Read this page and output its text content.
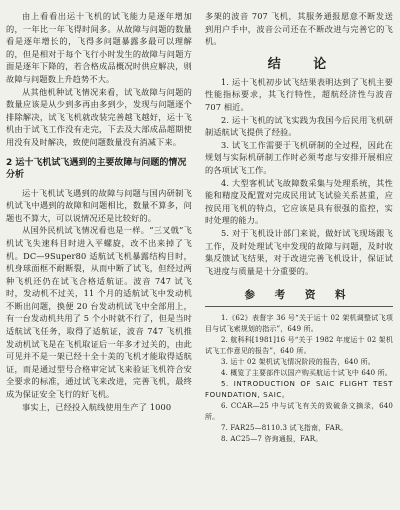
由上看看出运十飞机的试飞能力是逐年增加的，一年比一年飞得时间多。从故障与问题的数量看是逐年增长的，飞得多问题暴露多最可以理解的，但是相对于每个飞行小时发生的故障与问题方面是逐年下降的，若合格成品概况时供应解决，则故障与问题数上升趋势不大。

从其他机种试飞情况来看，试飞故障与问题的数量应该是从少到多再由多到少，发现与问题逐个排除解决，试飞飞机就改装完善越飞越好，运十飞机由于试飞工作没有走完，下去及大部成品超期使用没有及时解决，致使问题数量没有消减下来。

2 运十飞机试飞遇到的主要故障与问题的情况分析

运十飞机试飞遇到的故障与问题与国内研制飞机试飞中遇到的故障和问题相比，数量不算多，问题也不算大，可以说情况还是比较好的。

从国外民机试飞情况看也是一样。“三叉戟”飞机试飞失速科目时进入平螺旋，改不出来掉了飞机。DC—9Super80 适航试飞机暴露结构目时，机身球面框不耐断裂，从而中断了试飞，但经过两种飞机还仍在试飞合格适航证。波音 747 试飞时，发动机不过关，11 个月的适航试飞中发动机不断出问题，换便 20 台发动机试飞中全部用上，有一台发动机共用了 5 个小时就不行了，但是当时适航试飞任务，取得了适航证，波音 747 飞机推发动机试飞是在飞机取证后一年多才过关的，由此可见并不是一架已经十全十美的飞机才能取得适航证，而是通过型号合格审定试飞来验证飞机符合安全要求的标准，通过试飞来改进，完善飞机，最终成为保证安全飞行的好飞机。

事实上，已经投入航线使用生产了 1000

多架的波音 707 飞机，其服务通报愿意不断发送到用户手中，波音公司还在不断改进与完善它的飞机。

结 论

1. 运十飞机初步试飞结果表明达到了飞机主要性能指标要求，其飞行特性，超航经济性与波音 707 相近。

2. 运十飞机的试飞实践为我国今后民用飞机研制适航试飞提供了经验。

3. 试飞工作需要于飞机研制的全过程，因此在规划与实际机研制工作时必须考虑与安排开展相应的各项试飞工作。

4. 大型客机试飞故障数采集与处理系统，其性能和精度及配置对完成民用试飞试验关系甚重，应按民用飞机的特点，它应该是具有很强的监控，实时处理的能力。

5. 对于飞机设计部门来说，做好试飞现场跟飞工作，及时处理试飞中发现的故障与问题，及时收集反馈试飞结果，对于改进完善飞机设计，保证试飞进度与质量是十分重要的。

参 考 资 料

1.《62》表督字 36 号“关于运十 02 架机调整试飞项目与试飞索规划的指示”，649 所。

2. 航科科[1981]16 号“关于 1982 年度运十 02 架机试飞工作意见的报告”，640 所。

3. 运十 02 架机试飞情况阶段的报告，640 所。

4. 概览了主要部件以国产购买航运十试飞中 640 所。

5. INTRODUCTION OF SAIC FLIGHT TEST FOUNDATION, SAIC。

6. CCAR—25 中与试飞有关的致破条文摘录，640 所。

7. FAR25—8110.3 试飞指南，FAR。

8. AC25—7 咨询通报，FAR。
